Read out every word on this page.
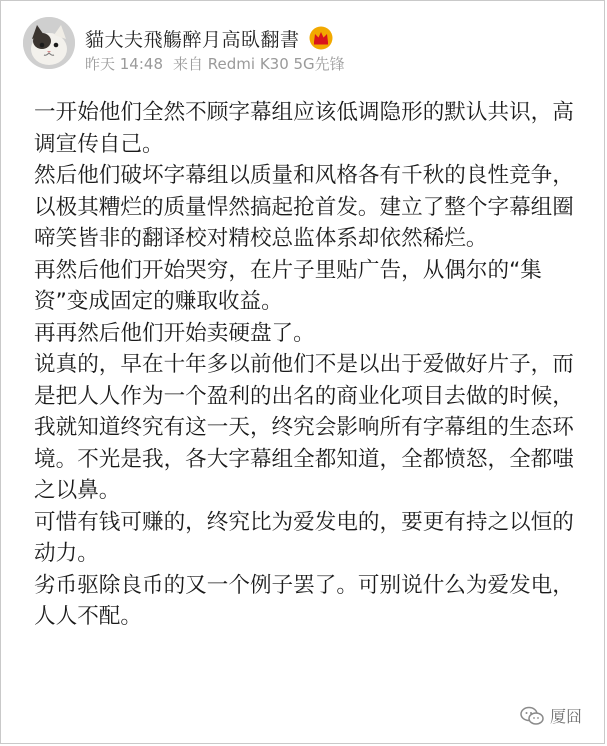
貓大夫飛觴醉月高臥翻書
昨天 14:48 来自 Redmi K30 5G先锋

一开始他们全然不顾字幕组应该低调隐形的默认共识，高调宣传自己。

然后他们破坏字幕组以质量和风格各有千秋的良性竞争，以极其糟烂的质量悍然搞起抢首发。建立了整个字幕组圈啼笑皆非的翻译校对精校总监体系却依然稀烂。

再然后他们开始哭穷，在片子里贴广告，从偶尔的“集资”变成固定的赚取收益。

再再然后他们开始卖硬盘了。

说真的，早在十年多以前他们不是以出于爱做好片子，而是把人人作为一个盈利的出名的商业化项目去做的时候，我就知道终究有这一天，终究会影响所有字幕组的生态环境。不光是我，各大字幕组全都知道，全都愤怒，全都嗤之以鼻。

可惜有钱可赚的，终究比为爱发电的，要更有持之以恒的动力。

劣币驱除良币的又一个例子罢了。可别说什么为爱发电，人人不配。

厦囧
